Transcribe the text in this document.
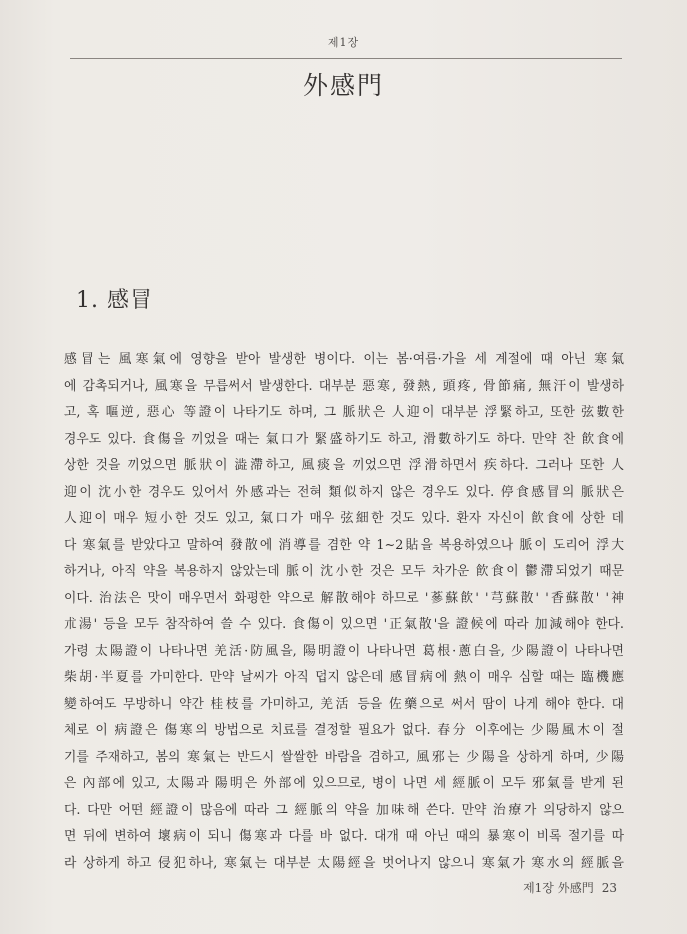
제1장
外感門
1. 感冒
感冒는 風寒氣에 영향을 받아 발생한 병이다. 이는 봄·여름·가을 세 계절에 때 아닌 寒氣
에 감촉되거나, 風寒을 무릅써서 발생한다. 대부분 惡寒, 發熱, 頭疼, 骨節痛, 無汗이 발생하
고, 혹 嘔逆, 惡心 等證이 나타기도 하며, 그 脈狀은 人迎이 대부분 浮緊하고, 또한 弦數한
경우도 있다. 食傷을 끼었을 때는 氣口가 緊盛하기도 하고, 滑數하기도 하다. 만약 찬 飮食에
상한 것을 끼었으면 脈狀이 澁滯하고, 風痰을 끼었으면 浮滑하면서 疾하다. 그러나 또한 人
迎이 沈小한 경우도 있어서 外感과는 전혀 類似하지 않은 경우도 있다. 停食感冒의 脈狀은
人迎이 매우 短小한 것도 있고, 氣口가 매우 弦細한 것도 있다. 환자 자신이 飮食에 상한 데
다 寒氣를 받았다고 말하여 發散에 消導를 겸한 약 1∼2貼을 복용하였으나 脈이 도리어 浮大
하거나, 아직 약을 복용하지 않았는데 脈이 沈小한 것은 모두 차가운 飮食이 鬱滯되었기 때문
이다. 治法은 맛이 매우면서 화평한 약으로 解散해야 하므로 '蔘蘇飮' '芎蘇散' '香蘇散' '神
朮湯' 등을 모두 참작하여 쓸 수 있다. 食傷이 있으면 '正氣散'을 證候에 따라 加減해야 한다.
가령 太陽證이 나타나면 羌活·防風을, 陽明證이 나타나면 葛根·蔥白을, 少陽證이 나타나면
柴胡·半夏를 가미한다. 만약 날씨가 아직 덥지 않은데 感冒病에 熱이 매우 심할 때는 臨機應
變하여도 무방하니 약간 桂枝를 가미하고, 羌活 등을 佐藥으로 써서 땀이 나게 해야 한다. 대
체로 이 病證은 傷寒의 방법으로 치료를 결정할 필요가 없다. 春分 이후에는 少陽風木이 절
기를 주재하고, 봄의 寒氣는 반드시 쌀쌀한 바람을 겸하고, 風邪는 少陽을 상하게 하며, 少陽
은 內部에 있고, 太陽과 陽明은 外部에 있으므로, 병이 나면 세 經脈이 모두 邪氣를 받게 된
다. 다만 어떤 經證이 많음에 따라 그 經脈의 약을 加味해 쓴다. 만약 治療가 의당하지 않으
면 뒤에 변하여 壞病이 되니 傷寒과 다를 바 없다. 대개 때 아닌 때의 暴寒이 비록 절기를 따
라 상하게 하고 侵犯하나, 寒氣는 대부분 太陽經을 벗어나지 않으니 寒氣가 寒水의 經脈을
제1장 外感門 23
